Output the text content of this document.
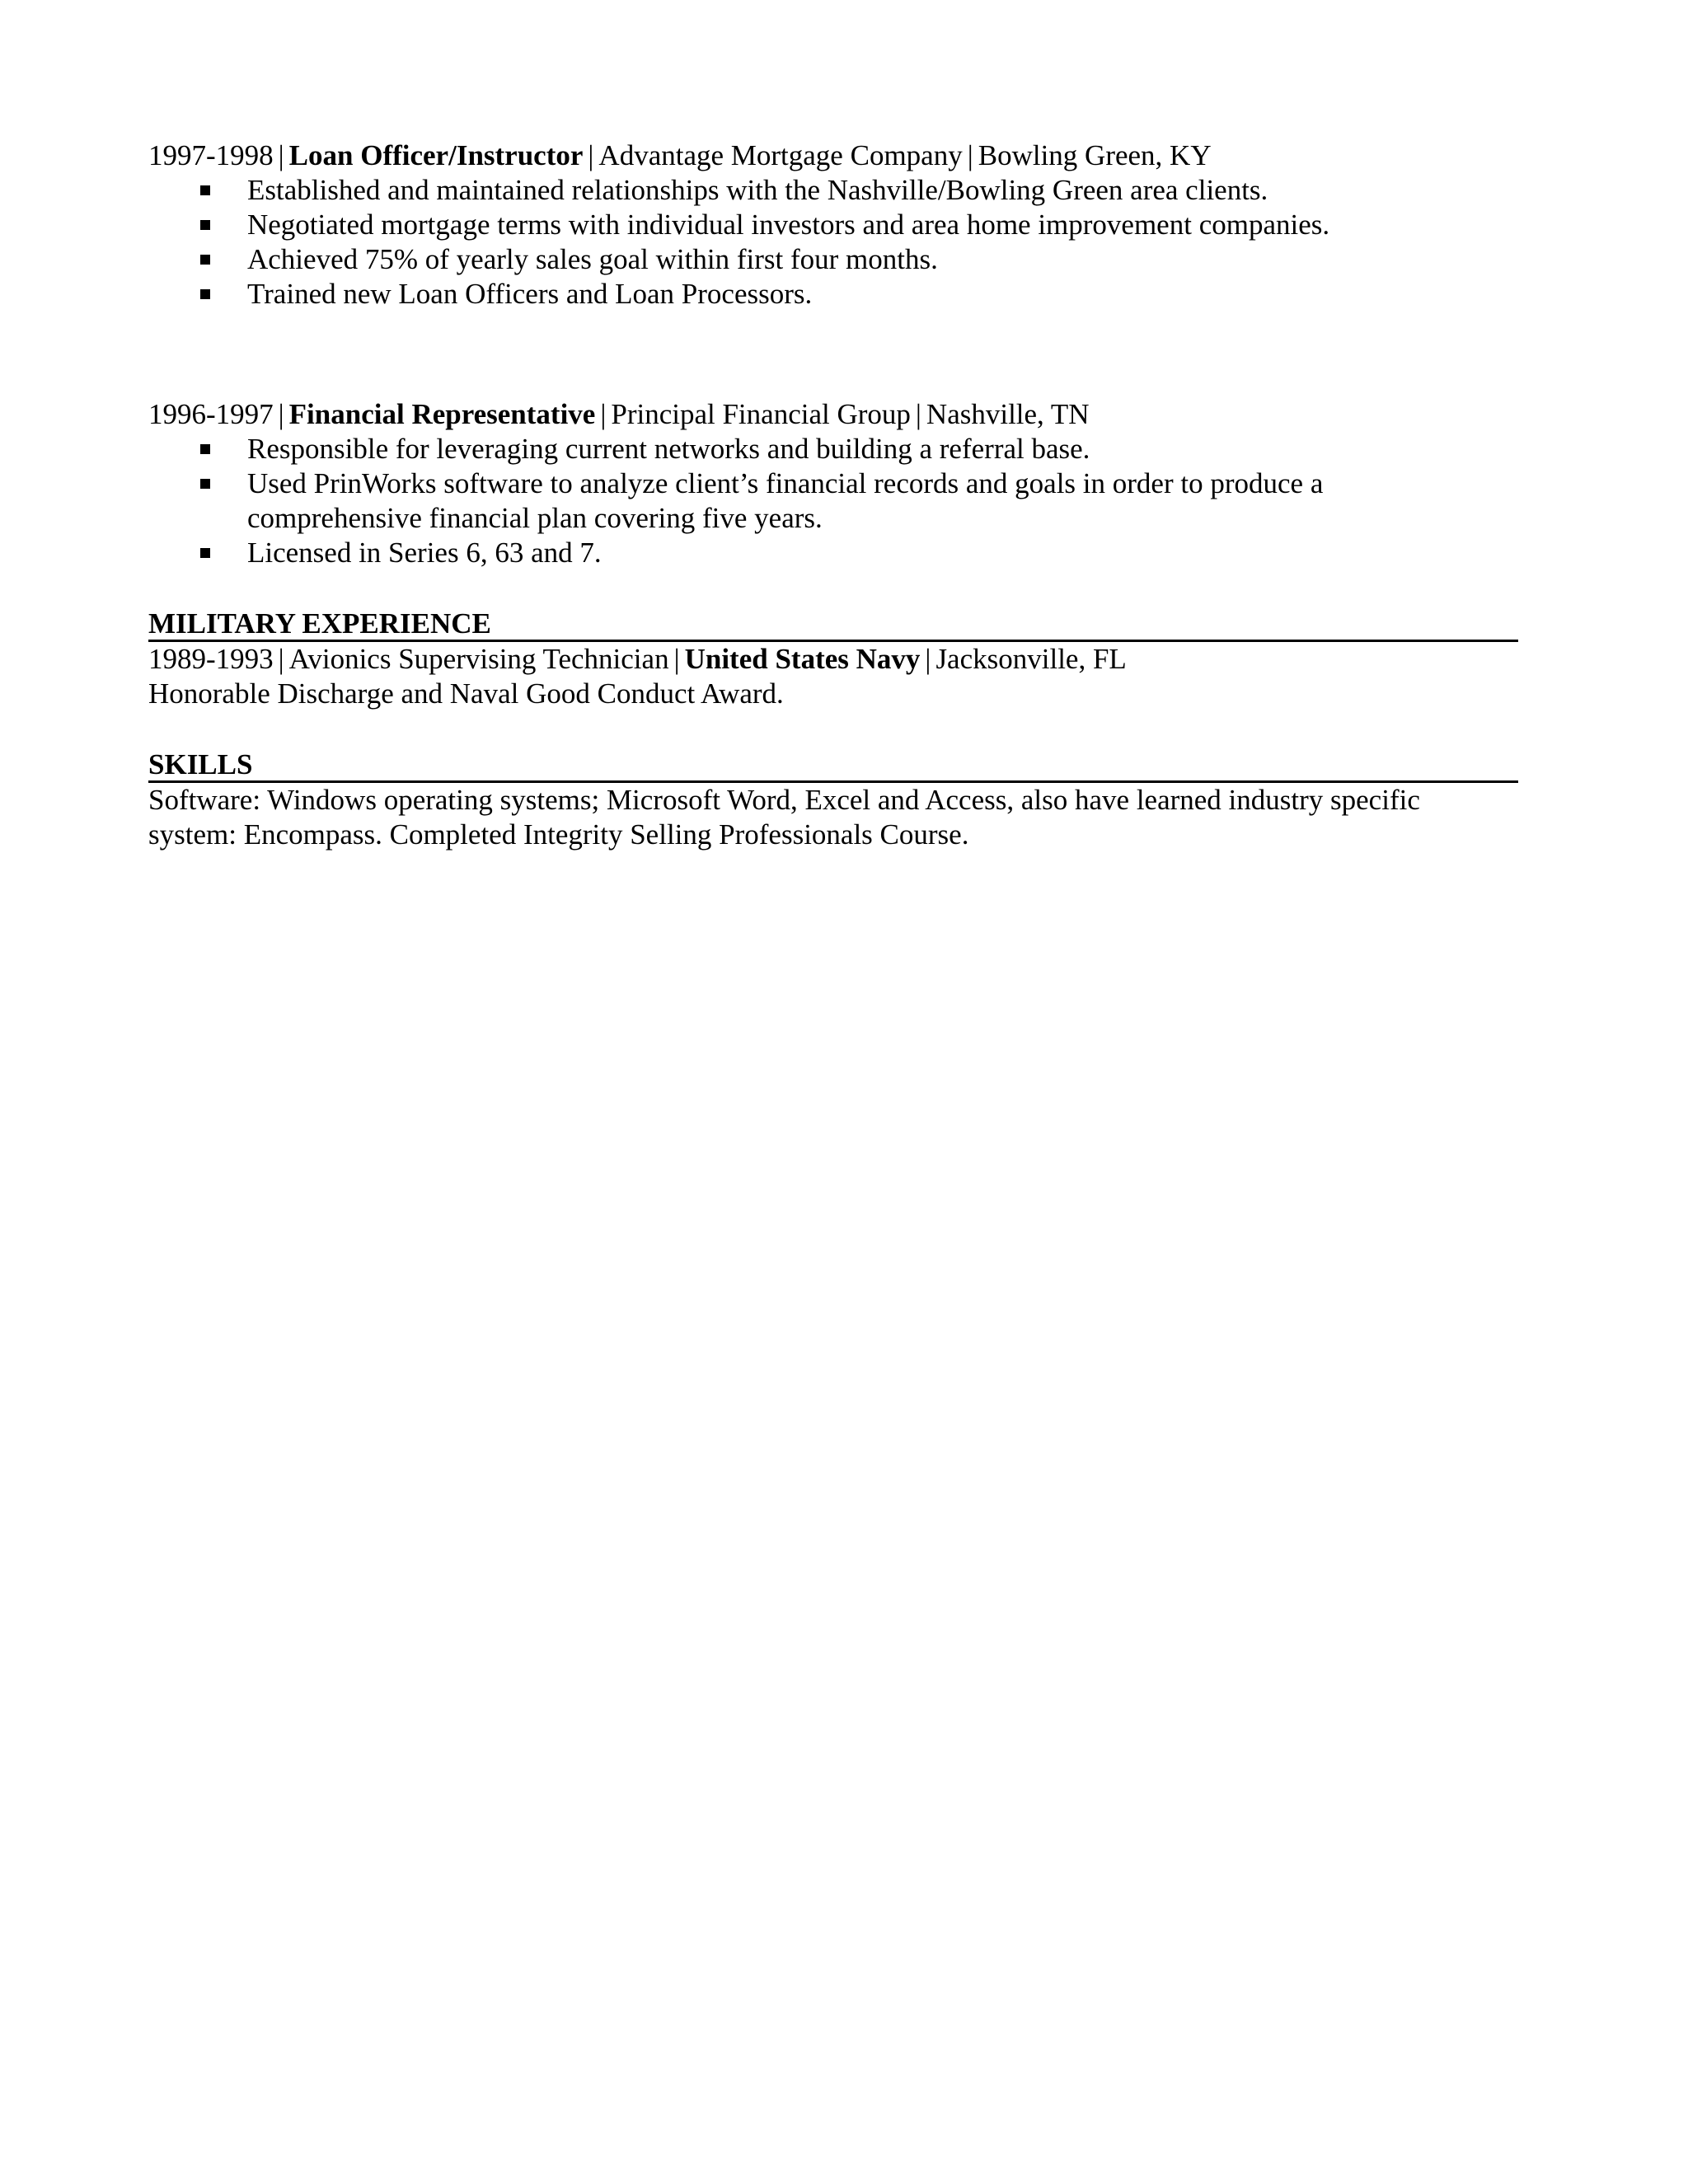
1997-1998 | Loan Officer/Instructor | Advantage Mortgage Company | Bowling Green, KY
Established and maintained relationships with the Nashville/Bowling Green area clients.
Negotiated mortgage terms with individual investors and area home improvement companies.
Achieved 75% of yearly sales goal within first four months.
Trained new Loan Officers and Loan Processors.
1996-1997 | Financial Representative | Principal Financial Group | Nashville, TN
Responsible for leveraging current networks and building a referral base.
Used PrinWorks software to analyze client’s financial records and goals in order to produce a
comprehensive financial plan covering five years.
Licensed in Series 6, 63 and 7.
MILITARY EXPERIENCE
1989-1993 | Avionics Supervising Technician | United States Navy | Jacksonville, FL
Honorable Discharge and Naval Good Conduct Award.
SKILLS
Software: Windows operating systems; Microsoft Word, Excel and Access, also have learned industry specific
system: Encompass. Completed Integrity Selling Professionals Course.
